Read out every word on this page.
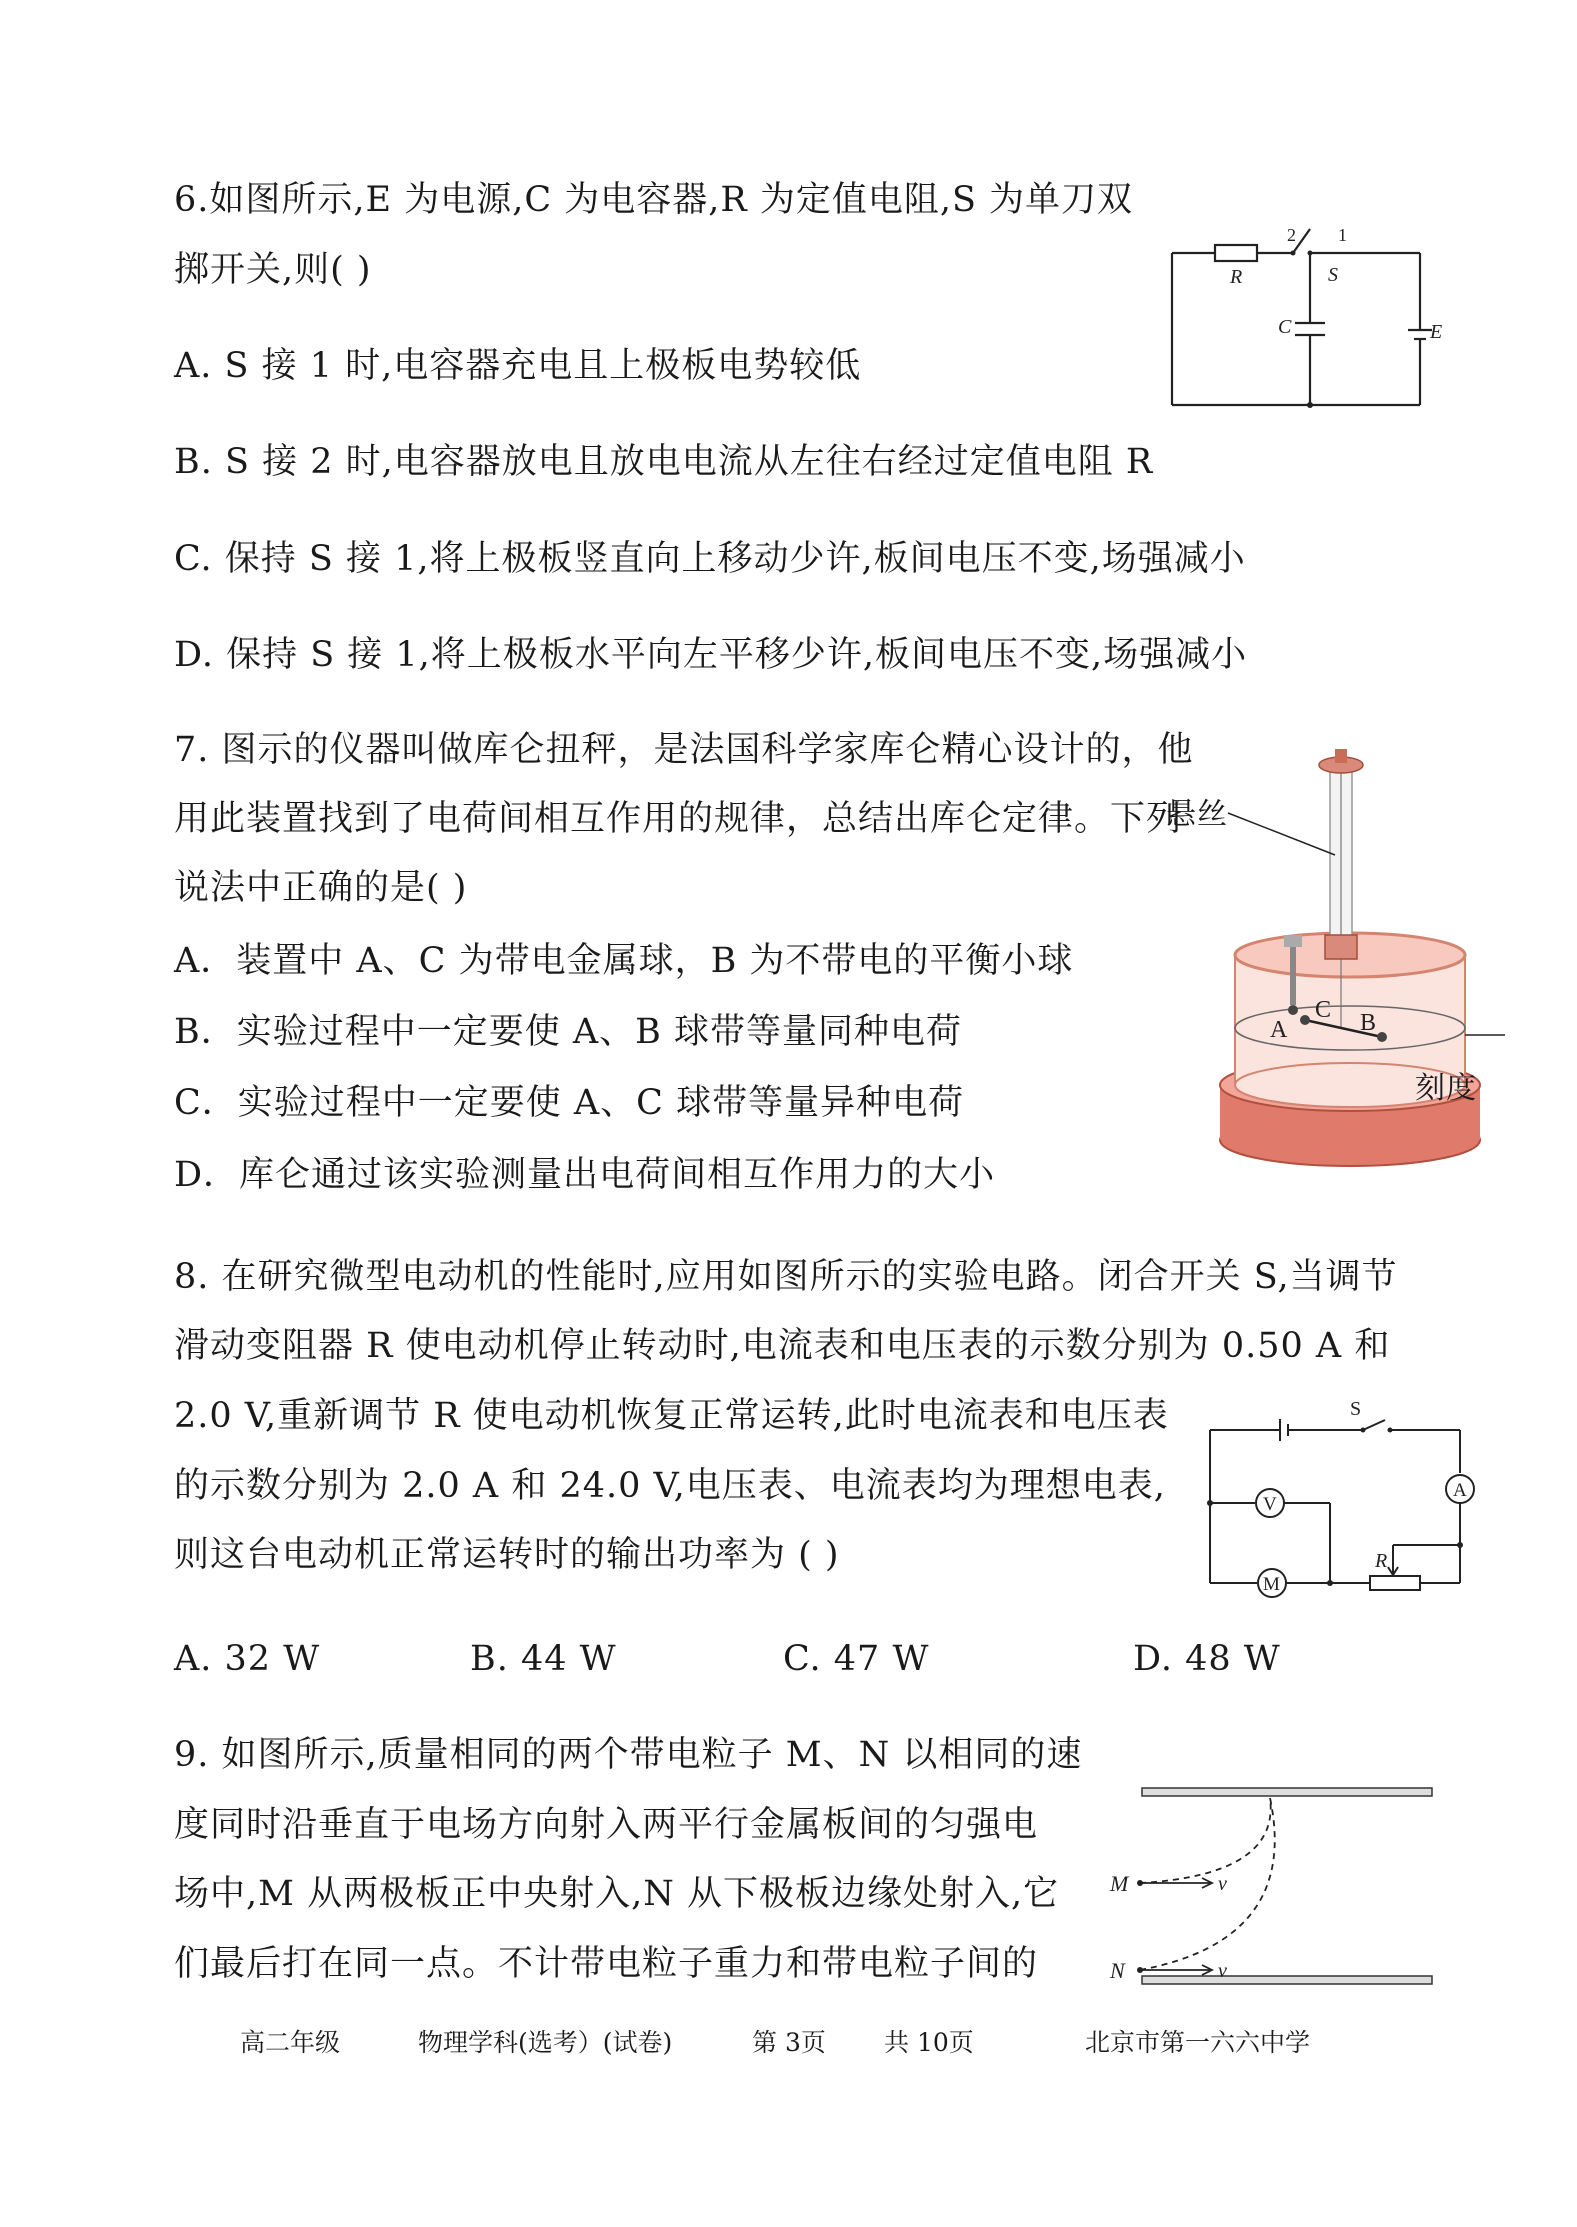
6.如图所示,E 为电源,C 为电容器,R 为定值电阻,S 为单刀双
掷开关,则( )
A. S 接 1 时,电容器充电且上极板电势较低
B. S 接 2 时,电容器放电且放电电流从左往右经过定值电阻 R
C. 保持 S 接 1,将上极板竖直向上移动少许,板间电压不变,场强减小
D. 保持 S 接 1,将上极板水平向左平移少许,板间电压不变,场强减小
R
C
S
E
2 1
7. 图示的仪器叫做库仑扭秤，是法国科学家库仑精心设计的，他
用此装置找到了电荷间相互作用的规律，总结出库仑定律。下列
说法中正确的是( )
A．装置中 A、C 为带电金属球，B 为不带电的平衡小球
B．实验过程中一定要使 A、B 球带等量同种电荷
C．实验过程中一定要使 A、C 球带等量异种电荷
D．库仑通过该实验测量出电荷间相互作用力的大小
C
A	B
悬丝
刻度
8. 在研究微型电动机的性能时,应用如图所示的实验电路。闭合开关 S,当调节
滑动变阻器 R 使电动机停止转动时,电流表和电压表的示数分别为 0.50 A 和
2.0 V,重新调节 R 使电动机恢复正常运转,此时电流表和电压表
的示数分别为 2.0 A 和 24.0 V,电压表、电流表均为理想电表,
则这台电动机正常运转时的输出功率为 ( )
A. 32 W	B. 44 W	C. 47 W	D. 48 W
S
A
V
M
R
9. 如图所示,质量相同的两个带电粒子 M、N 以相同的速
度同时沿垂直于电场方向射入两平行金属板间的匀强电
场中,M 从两极板正中央射入,N 从下极板边缘处射入,它
们最后打在同一点。不计带电粒子重力和带电粒子间的
M
N
v
v
高二年级	物理学科(选考）(试卷)	第 3页 共 10页	北京市第一六六中学
